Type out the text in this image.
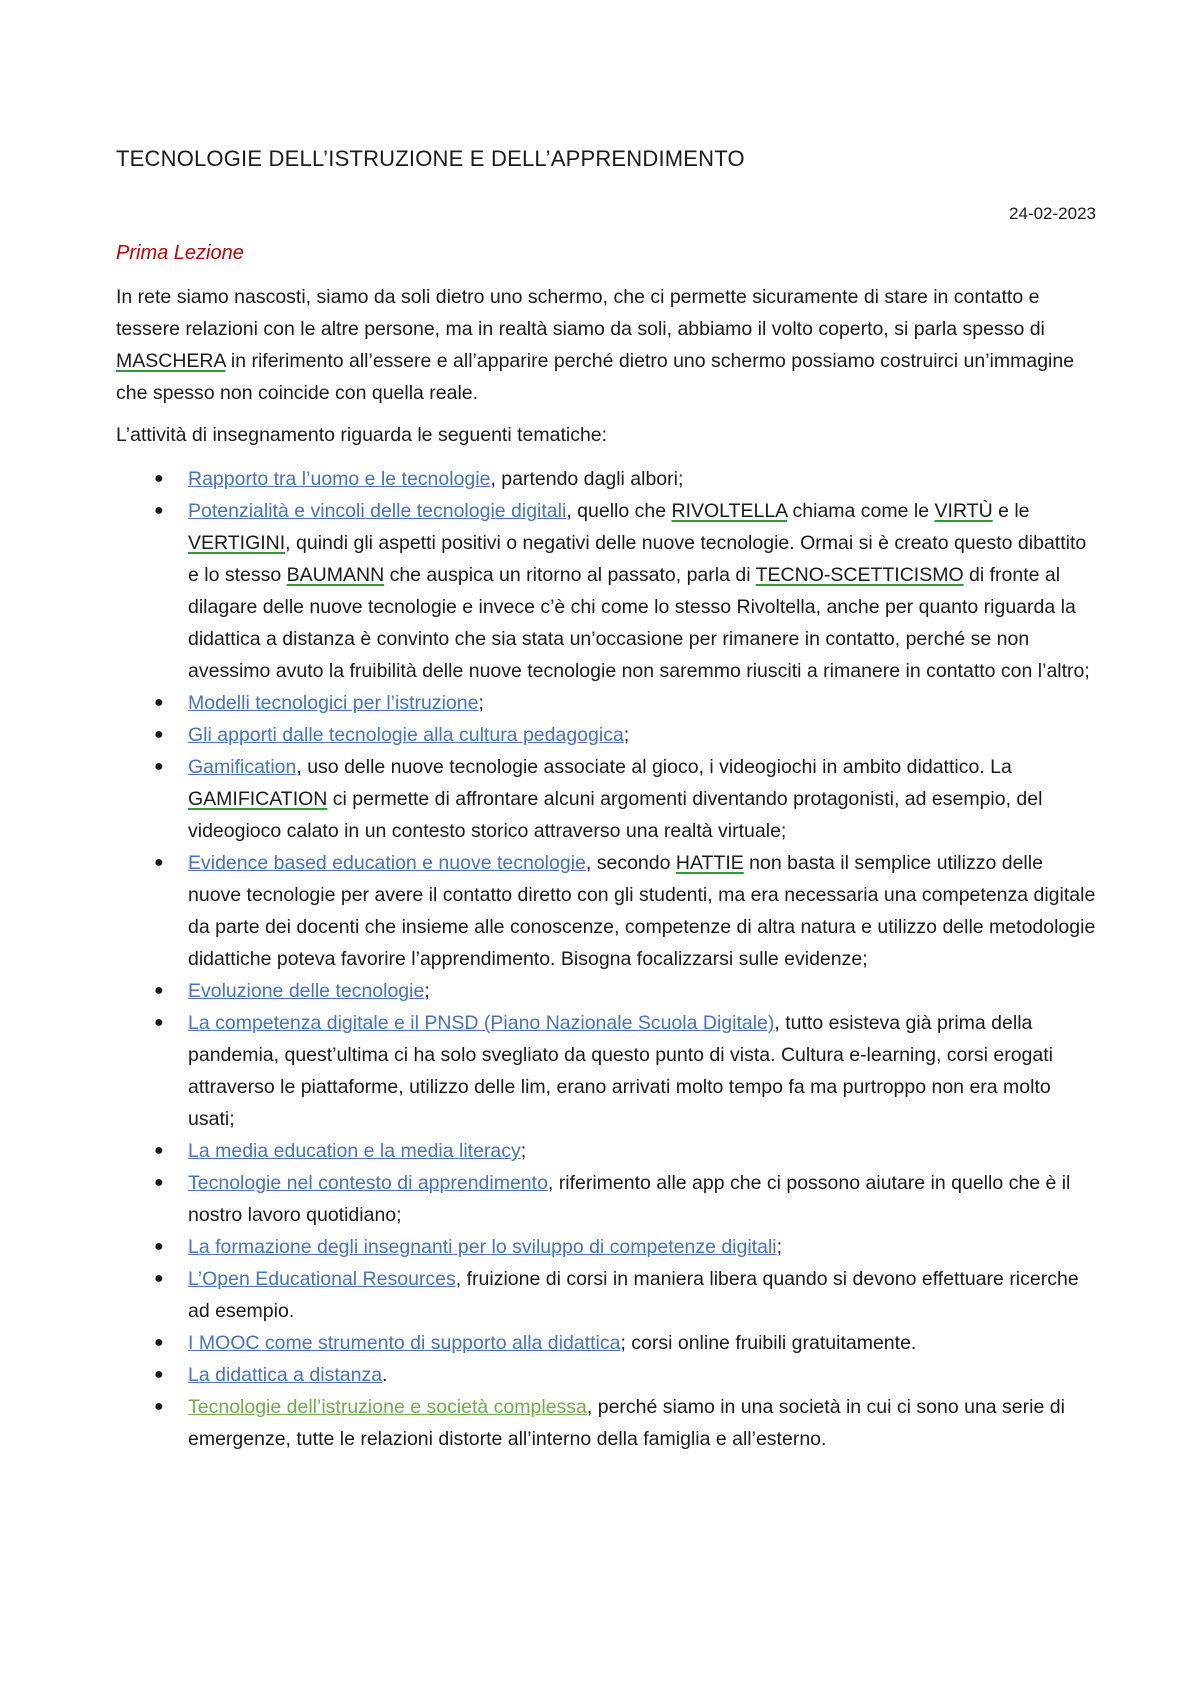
TECNOLOGIE DELL’ISTRUZIONE E DELL’APPRENDIMENTO
24-02-2023
Prima Lezione

In rete siamo nascosti, siamo da soli dietro uno schermo, che ci permette sicuramente di stare in contatto e tessere relazioni con le altre persone, ma in realtà siamo da soli, abbiamo il volto coperto, si parla spesso di MASCHERA in riferimento all’essere e all’apparire perché dietro uno schermo possiamo costruirci un’immagine che spesso non coincide con quella reale.

L’attività di insegnamento riguarda le seguenti tematiche:

● Rapporto tra l’uomo e le tecnologie, partendo dagli albori;
● Potenzialità e vincoli delle tecnologie digitali, quello che RIVOLTELLA chiama come le VIRTÙ e le VERTIGINI, quindi gli aspetti positivi o negativi delle nuove tecnologie. Ormai si è creato questo dibattito e lo stesso BAUMANN che auspica un ritorno al passato, parla di TECNO-SCETTICISMO di fronte al dilagare delle nuove tecnologie e invece c’è chi come lo stesso Rivoltella, anche per quanto riguarda la didattica a distanza è convinto che sia stata un’occasione per rimanere in contatto, perché se non avessimo avuto la fruibilità delle nuove tecnologie non saremmo riusciti a rimanere in contatto con l’altro;
● Modelli tecnologici per l’istruzione;
● Gli apporti dalle tecnologie alla cultura pedagogica;
● Gamification, uso delle nuove tecnologie associate al gioco, i videogiochi in ambito didattico. La GAMIFICATION ci permette di affrontare alcuni argomenti diventando protagonisti, ad esempio, del videogioco calato in un contesto storico attraverso una realtà virtuale;
● Evidence based education e nuove tecnologie, secondo HATTIE non basta il semplice utilizzo delle nuove tecnologie per avere il contatto diretto con gli studenti, ma era necessaria una competenza digitale da parte dei docenti che insieme alle conoscenze, competenze di altra natura e utilizzo delle metodologie didattiche poteva favorire l’apprendimento. Bisogna focalizzarsi sulle evidenze;
● Evoluzione delle tecnologie;
● La competenza digitale e il PNSD (Piano Nazionale Scuola Digitale), tutto esisteva già prima della pandemia, quest’ultima ci ha solo svegliato da questo punto di vista. Cultura e-learning, corsi erogati attraverso le piattaforme, utilizzo delle lim, erano arrivati molto tempo fa ma purtroppo non era molto usati;
● La media education e la media literacy;
● Tecnologie nel contesto di apprendimento, riferimento alle app che ci possono aiutare in quello che è il nostro lavoro quotidiano;
● La formazione degli insegnanti per lo sviluppo di competenze digitali;
● L’Open Educational Resources, fruizione di corsi in maniera libera quando si devono effettuare ricerche ad esempio.
● I MOOC come strumento di supporto alla didattica; corsi online fruibili gratuitamente.
● La didattica a distanza.
● Tecnologie dell’istruzione e società complessa, perché siamo in una società in cui ci sono una serie di emergenze, tutte le relazioni distorte all’interno della famiglia e all’esterno.
